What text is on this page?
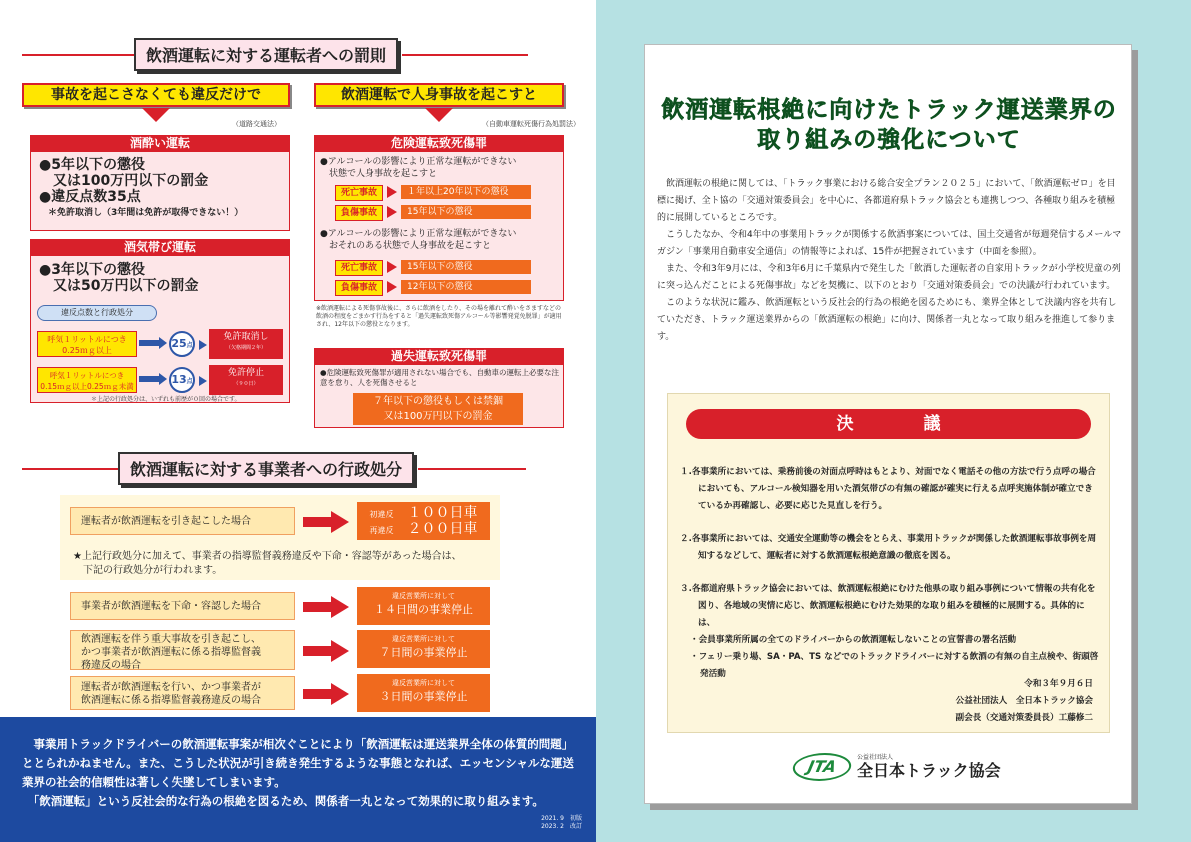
飲酒運転に対する運転者への罰則
事故を起こさなくても違反だけで	飲酒運転で人身事故を起こすと
（道路交通法）	（自動車運転死傷行為処罰法）
酒酔い運転
●5年以下の懲役
　又は100万円以下の罰金
●違反点数35点
　＊免許取消し（3年間は免許が取得できない！）
酒気帯び運転
●3年以下の懲役
　又は50万円以下の罰金
違反点数と行政処分
呼気１リットルにつき
0.25ｍｇ以上
25点
免許取消し
（欠格期間２年）
呼気１リットルにつき
0.15ｍｇ以上0.25ｍｇ未満
13点
免許停止
（９０日）
＊上記の行政処分は、いずれも前歴が０回の場合です。
危険運転致死傷罪
●アルコールの影響により正常な運転ができない
　状態で人身事故を起こすと
死亡事故	１年以上20年以下の懲役
負傷事故	15年以下の懲役
●アルコールの影響により正常な運転ができない
　おそれのある状態で人身事故を起こすと
死亡事故	15年以下の懲役
負傷事故	12年以下の懲役
※飲酒運転による死傷事故後に、さらに飲酒をしたり、その場を離れて酔いをさますなどの飲酒の程度をごまかす行為をすると「過失運転致死傷アルコール等影響発覚免脱罪」が適用され、12年以下の懲役となります。
過失運転致死傷罪
●危険運転致死傷罪が適用されない場合でも、自動車の運転上必要な注意を怠り、人を死傷させると
７年以下の懲役もしくは禁錮
又は100万円以下の罰金
飲酒運転に対する事業者への行政処分
運転者が飲酒運転を引き起こした場合
初違反　 １００日車
再違反　 ２００日車
★上記行政処分に加えて、事業者の指導監督義務違反や下命・容認等があった場合は、
　下記の行政処分が行われます。
事業者が飲酒運転を下命・容認した場合
違反営業所に対して
１４日間の事業停止
飲酒運転を伴う重大事故を引き起こし、
かつ事業者が飲酒運転に係る指導監督義
務違反の場合
違反営業所に対して
７日間の事業停止
運転者が飲酒運転を行い、かつ事業者が
飲酒運転に係る指導監督義務違反の場合
違反営業所に対して
３日間の事業停止
　事業用トラックドライバーの飲酒運転事案が相次ぐことにより「飲酒運転は運送業界全体の体質的問題」ととられかねません。また、こうした状況が引き続き発生するような事態となれば、エッセンシャルな運送業界の社会的信頼性は著しく失墜してしまいます。
　「飲酒運転」という反社会的な行為の根絶を図るため、関係者一丸となって効果的に取り組みます。
2021. 9　初版
2023. 2　改訂
飲酒運転根絶に向けたトラック運送業界の
取り組みの強化について
　飲酒運転の根絶に関しては、「トラック事業における総合安全プラン２０２５」において、「飲酒運転ゼロ」を目標に掲げ、全ト協の「交通対策委員会」を中心に、各都道府県トラック協会とも連携しつつ、各種取り組みを積極的に展開しているところです。
　こうしたなか、令和4年中の事業用トラックが関係する飲酒事案については、国土交通省が毎週発信するメールマガジン「事業用自動車安全通信」の情報等によれば、15件が把握されています（中面を参照）。
　また、令和3年9月には、令和3年6月に千葉県内で発生した「飲酒した運転者の自家用トラックが小学校児童の列に突っ込んだことによる死傷事故」などを契機に、以下のとおり「交通対策委員会」での決議が行われています。
　このような状況に鑑み、飲酒運転という反社会的行為の根絶を図るためにも、業界全体として決議内容を共有していただき、トラック運送業界からの「飲酒運転の根絶」に向け、関係者一丸となって取り組みを推進して参ります。
決議

１.各事業所においては、乗務前後の対面点呼時はもとより、対面でなく電話その他の方法で行う点呼の場合においても、アルコール検知器を用いた酒気帯びの有無の確認が確実に行える点呼実施体制が確立できているか再確認し、必要に応じた見直しを行う。

２.各事業所においては、交通安全運動等の機会をとらえ、事業用トラックが関係した飲酒運転事故事例を周知するなどして、運転者に対する飲酒運転根絶意識の徹底を図る。

３.各都道府県トラック協会においては、飲酒運転根絶にむけた他県の取り組み事例について情報の共有化を図り、各地域の実情に応じ、飲酒運転根絶にむけた効果的な取り組みを積極的に展開する。具体的には、
・会員事業所所属の全てのドライバーからの飲酒運転しないことの宣誓書の署名活動
・フェリー乗り場、SA・PA、TS などでのトラックドライバーに対する飲酒の有無の自主点検や、街頭啓発活動
令和３年９月６日
公益社団法人　全日本トラック協会
副会長（交通対策委員長）工藤修二
JTA	公益社団法人
全日本トラック協会
